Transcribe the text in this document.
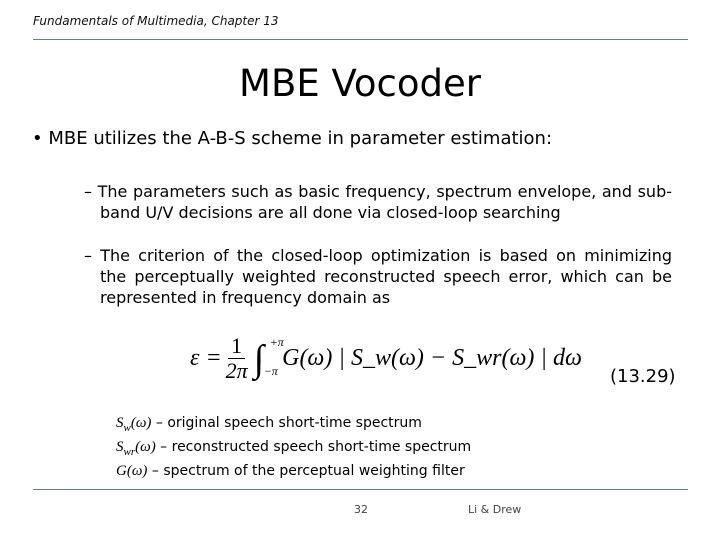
Fundamentals of Multimedia, Chapter 13
MBE Vocoder
• MBE utilizes the A-B-S scheme in parameter estimation:
– The parameters such as basic frequency, spectrum envelope, and sub-band U/V decisions are all done via closed-loop searching
– The criterion of the closed-loop optimization is based on minimizing the perceptually weighted reconstructed speech error, which can be represented in frequency domain as
$\varepsilon = \frac{1}{2\pi}$ ∫ +π
−π G(ω) | S_w(ω) − S_wr(ω) | dω
(13.29)
$S_w(\omega)$ – original speech short-time spectrum
$S_{wr}(\omega)$ – reconstructed speech short-time spectrum
G(ω) – spectrum of the perceptual weighting filter
32	Li & Drew
